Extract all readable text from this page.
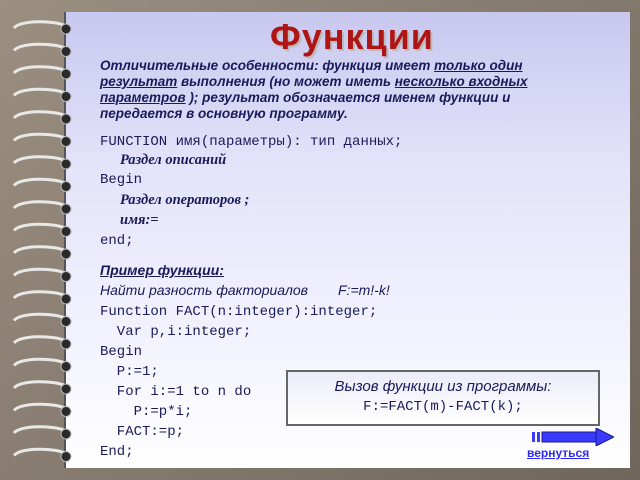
Функции
Отличительные особенности: функция имеет только один результат выполнения (но может иметь несколько входных параметров ); результат обозначается именем функции и передается в основную программу.
FUNCTION имя(параметры): тип данных;
Раздел описаний
Begin
Раздел операторов ;
имя:=
end;
Пример функции:
Найти разность факториалов F:=m!-k!
Function FACT(n:integer):integer;
Var p,i:integer;
Begin
P:=1;
For i:=1 to n do
P:=p*i;
FACT:=p;
End;
Вызов функции из программы:
F:=FACT(m)-FACT(k);
вернуться
